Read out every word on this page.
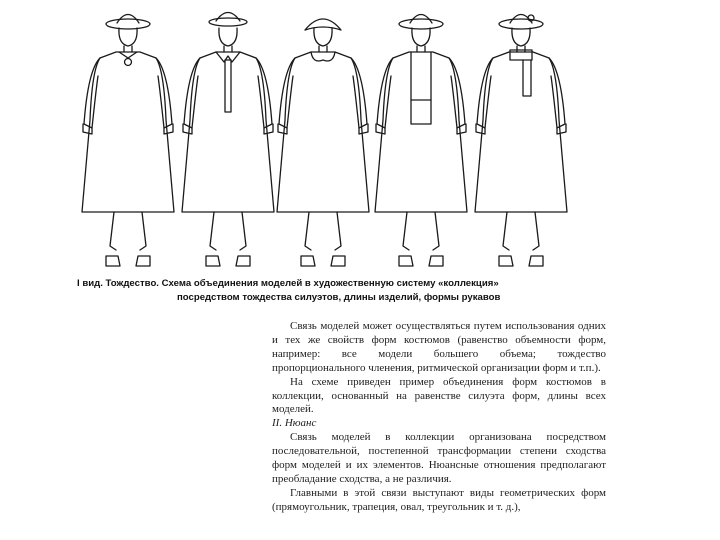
I вид. Тождество. Схема объединения моделей в художественную систему «коллекция»
посредством тождества силуэтов, длины изделий, формы рукавов

Связь моделей может осуществляться путем использования одних и тех же свойств форм костюмов (равенство объемности форм, например: все модели большего объема; тождество пропорционального членения, ритмической организации форм и т.п.).

На схеме приведен пример объединения форм костюмов в коллекции, основанный на равенстве силуэта форм, длины всех моделей.

II. Нюанс

Связь моделей в коллекции организована посредством последовательной, постепенной трансформации степени сходства форм моделей и их элементов. Нюансные отношения предполагают преобладание сходства, а не различия.

Главными в этой связи выступают виды геометрических форм (прямоугольник, трапеция, овал, треугольник и т. д.),
